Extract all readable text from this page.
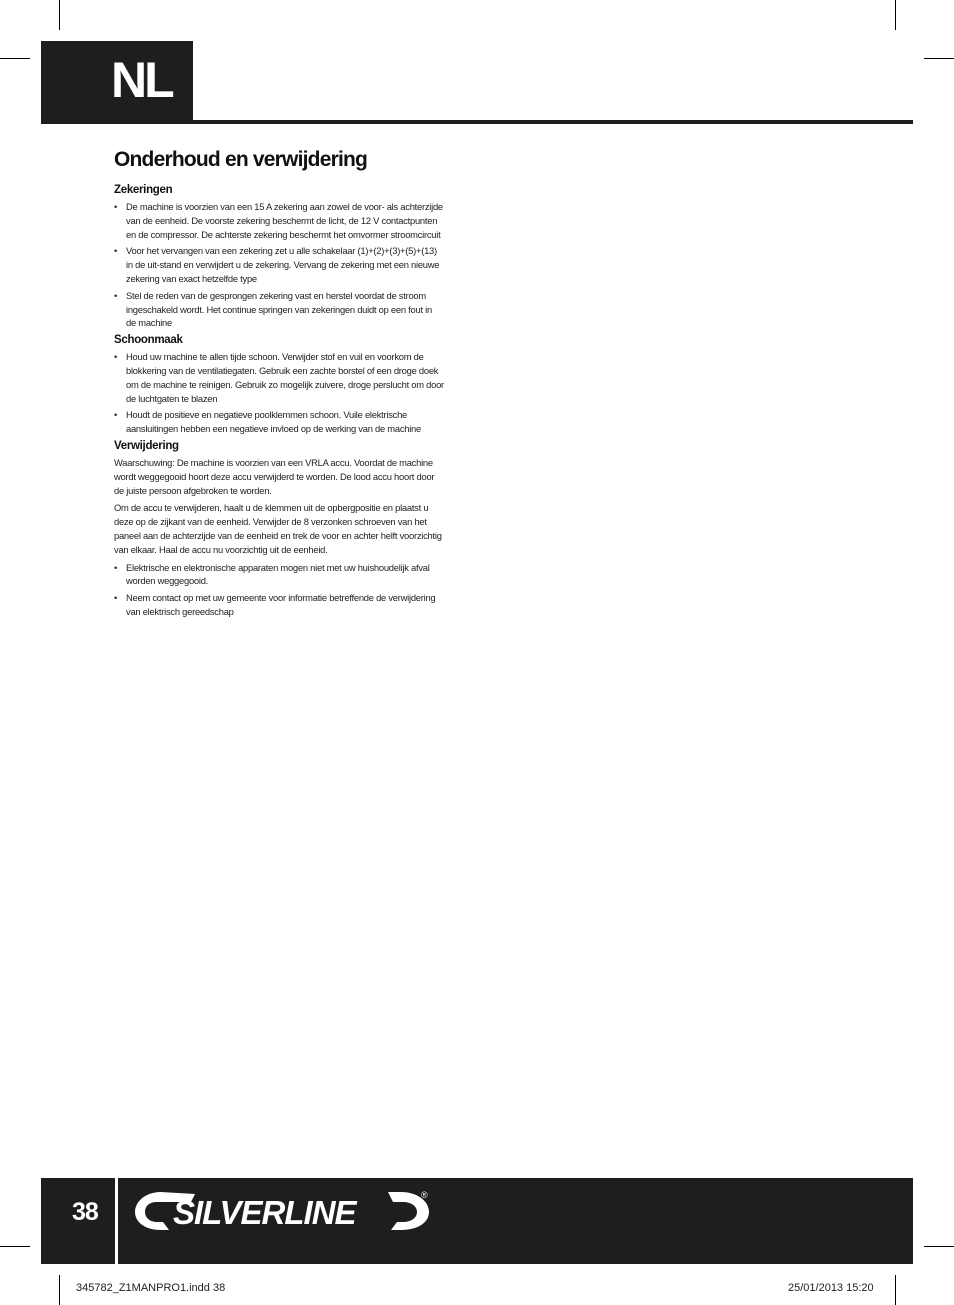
NL
Onderhoud en verwijdering
Zekeringen
• De machine is voorzien van een 15 A zekering aan zowel de voor- als achterzijde van de eenheid. De voorste zekering beschermt de licht, de 12 V contactpunten en de compressor. De achterste zekering beschermt het omvormer stroomcircuit
• Voor het vervangen van een zekering zet u alle schakelaar (1)+(2)+(3)+(5)+(13) in de uit-stand en verwijdert u de zekering. Vervang de zekering met een nieuwe zekering van exact hetzelfde type
• Stel de reden van de gesprongen zekering vast en herstel voordat de stroom ingeschakeld wordt. Het continue springen van zekeringen duidt op een fout in de machine
Schoonmaak
• Houd uw machine te allen tijde schoon. Verwijder stof en vuil en voorkom de blokkering van de ventilatiegaten. Gebruik een zachte borstel of een droge doek om de machine te reinigen. Gebruik zo mogelijk zuivere, droge perslucht om door de luchtgaten te blazen
• Houdt de positieve en negatieve poolklemmen schoon. Vuile elektrische aansluitingen hebben een negatieve invloed op de werking van de machine
Verwijdering

Waarschuwing: De machine is voorzien van een VRLA accu. Voordat de machine wordt weggegooid hoort deze accu verwijderd te worden. De lood accu hoort door de juiste persoon afgebroken te worden.

Om de accu te verwijderen, haalt u de klemmen uit de opbergpositie en plaatst u deze op de zijkant van de eenheid. Verwijder de 8 verzonken schroeven van het paneel aan de achterzijde van de eenheid en trek de voor en achter helft voorzichtig van elkaar. Haal de accu nu voorzichtig uit de eenheid.

• Elektrische en elektronische apparaten mogen niet met uw huishoudelijk afval worden weggegooid.
• Neem contact op met uw gemeente voor informatie betreffende de verwijdering van elektrisch gereedschap
38 SILVERLINE	®
345782_Z1MANPRO1.indd 38	25/01/2013 15:20
